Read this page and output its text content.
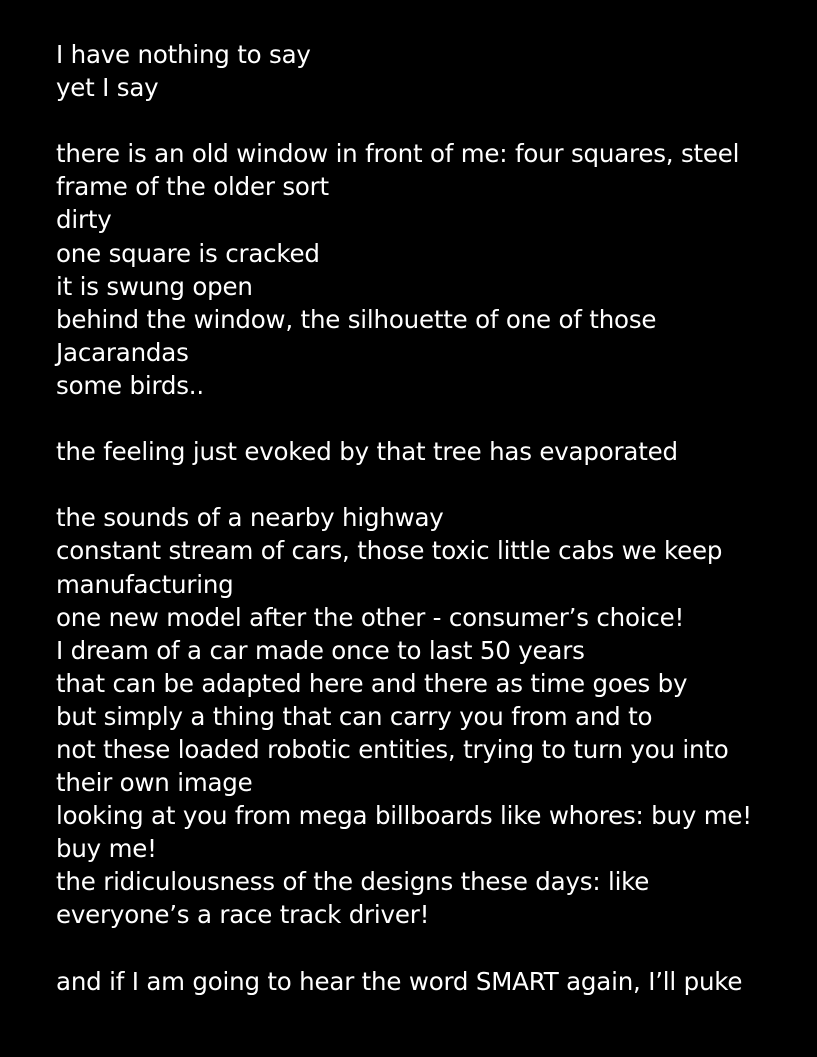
I have nothing to say
yet I say
there is an old window in front of me: four squares, steel
frame of the older sort
dirty
one square is cracked
it is swung open
behind the window, the silhouette of one of those
Jacarandas
some birds..
the feeling just evoked by that tree has evaporated
the sounds of a nearby highway
constant stream of cars, those toxic little cabs we keep
manufacturing
one new model after the other - consumer’s choice!
I dream of a car made once to last 50 years
that can be adapted here and there as time goes by
but simply a thing that can carry you from and to
not these loaded robotic entities, trying to turn you into
their own image
looking at you from mega billboards like whores: buy me!
buy me!
the ridiculousness of the designs these days: like
everyone’s a race track driver!
and if I am going to hear the word SMART again, I’ll puke
